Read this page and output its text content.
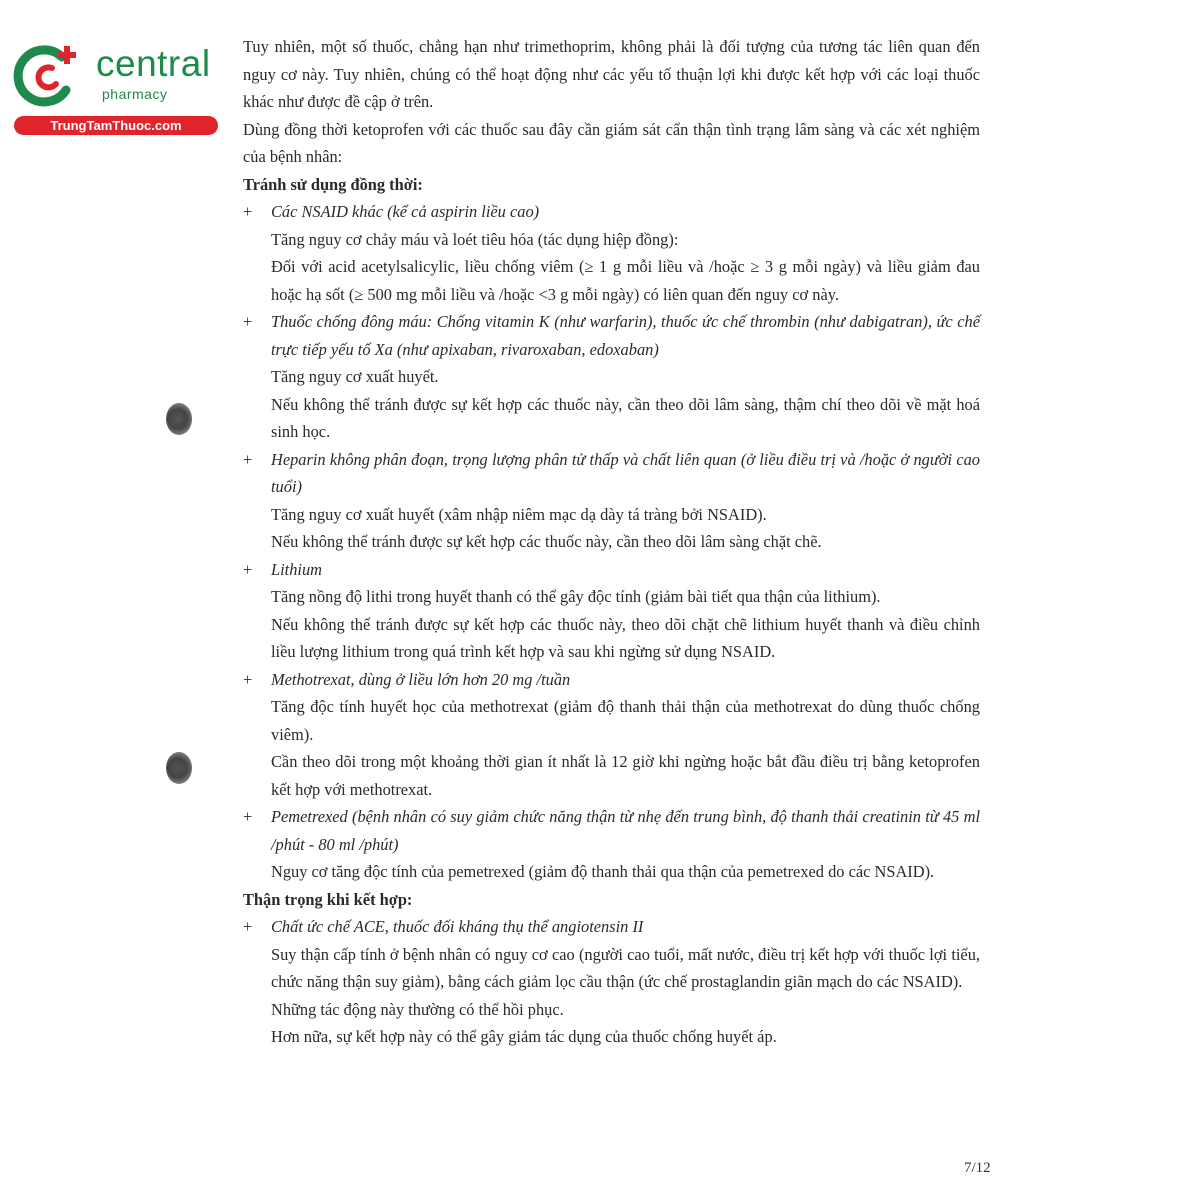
central
pharmacy
TrungTamThuoc.com

Tuy nhiên, một số thuốc, chẳng hạn như trimethoprim, không phải là đối tượng của tương tác liên quan đến nguy cơ này. Tuy nhiên, chúng có thể hoạt động như các yếu tố thuận lợi khi được kết hợp với các loại thuốc khác như được đề cập ở trên.

Dùng đồng thời ketoprofen với các thuốc sau đây cần giám sát cẩn thận tình trạng lâm sàng và các xét nghiệm của bệnh nhân:

Tránh sử dụng đồng thời:

+	Các NSAID khác (kể cả aspirin liều cao)

Tăng nguy cơ chảy máu và loét tiêu hóa (tác dụng hiệp đồng):

Đối với acid acetylsalicylic, liều chống viêm (≥ 1 g mỗi liều và /hoặc ≥ 3 g mỗi ngày) và liều giảm đau hoặc hạ sốt (≥ 500 mg mỗi liều và /hoặc <3 g mỗi ngày) có liên quan đến nguy cơ này.

+	Thuốc chống đông máu: Chống vitamin K (như warfarin), thuốc ức chế thrombin (như dabigatran), ức chế trực tiếp yếu tố Xa (như apixaban, rivaroxaban, edoxaban)

Tăng nguy cơ xuất huyết.

Nếu không thể tránh được sự kết hợp các thuốc này, cần theo dõi lâm sàng, thậm chí theo dõi về mặt hoá sinh học.

+	Heparin không phân đoạn, trọng lượng phân tử thấp và chất liên quan (ở liều điều trị và /hoặc ở người cao tuổi)

Tăng nguy cơ xuất huyết (xâm nhập niêm mạc dạ dày tá tràng bởi NSAID).

Nếu không thể tránh được sự kết hợp các thuốc này, cần theo dõi lâm sàng chặt chẽ.

+	Lithium

Tăng nồng độ lithi trong huyết thanh có thể gây độc tính (giảm bài tiết qua thận của lithium).

Nếu không thể tránh được sự kết hợp các thuốc này, theo dõi chặt chẽ lithium huyết thanh và điều chỉnh liều lượng lithium trong quá trình kết hợp và sau khi ngừng sử dụng NSAID.

+	Methotrexat, dùng ở liều lớn hơn 20 mg /tuần

Tăng độc tính huyết học của methotrexat (giảm độ thanh thải thận của methotrexat do dùng thuốc chống viêm).

Cần theo dõi trong một khoảng thời gian ít nhất là 12 giờ khi ngừng hoặc bắt đầu điều trị bằng ketoprofen kết hợp với methotrexat.

+	Pemetrexed (bệnh nhân có suy giảm chức năng thận từ nhẹ đến trung bình, độ thanh thải creatinin từ 45 ml /phút - 80 ml /phút)

Nguy cơ tăng độc tính của pemetrexed (giảm độ thanh thải qua thận của pemetrexed do các NSAID).

Thận trọng khi kết hợp:

+	Chất ức chế ACE, thuốc đối kháng thụ thể angiotensin II

Suy thận cấp tính ở bệnh nhân có nguy cơ cao (người cao tuổi, mất nước, điều trị kết hợp với thuốc lợi tiểu, chức năng thận suy giảm), bằng cách giảm lọc cầu thận (ức chế prostaglandin giãn mạch do các NSAID).

Những tác động này thường có thể hồi phục.

Hơn nữa, sự kết hợp này có thể gây giảm tác dụng của thuốc chống huyết áp.

7/12
